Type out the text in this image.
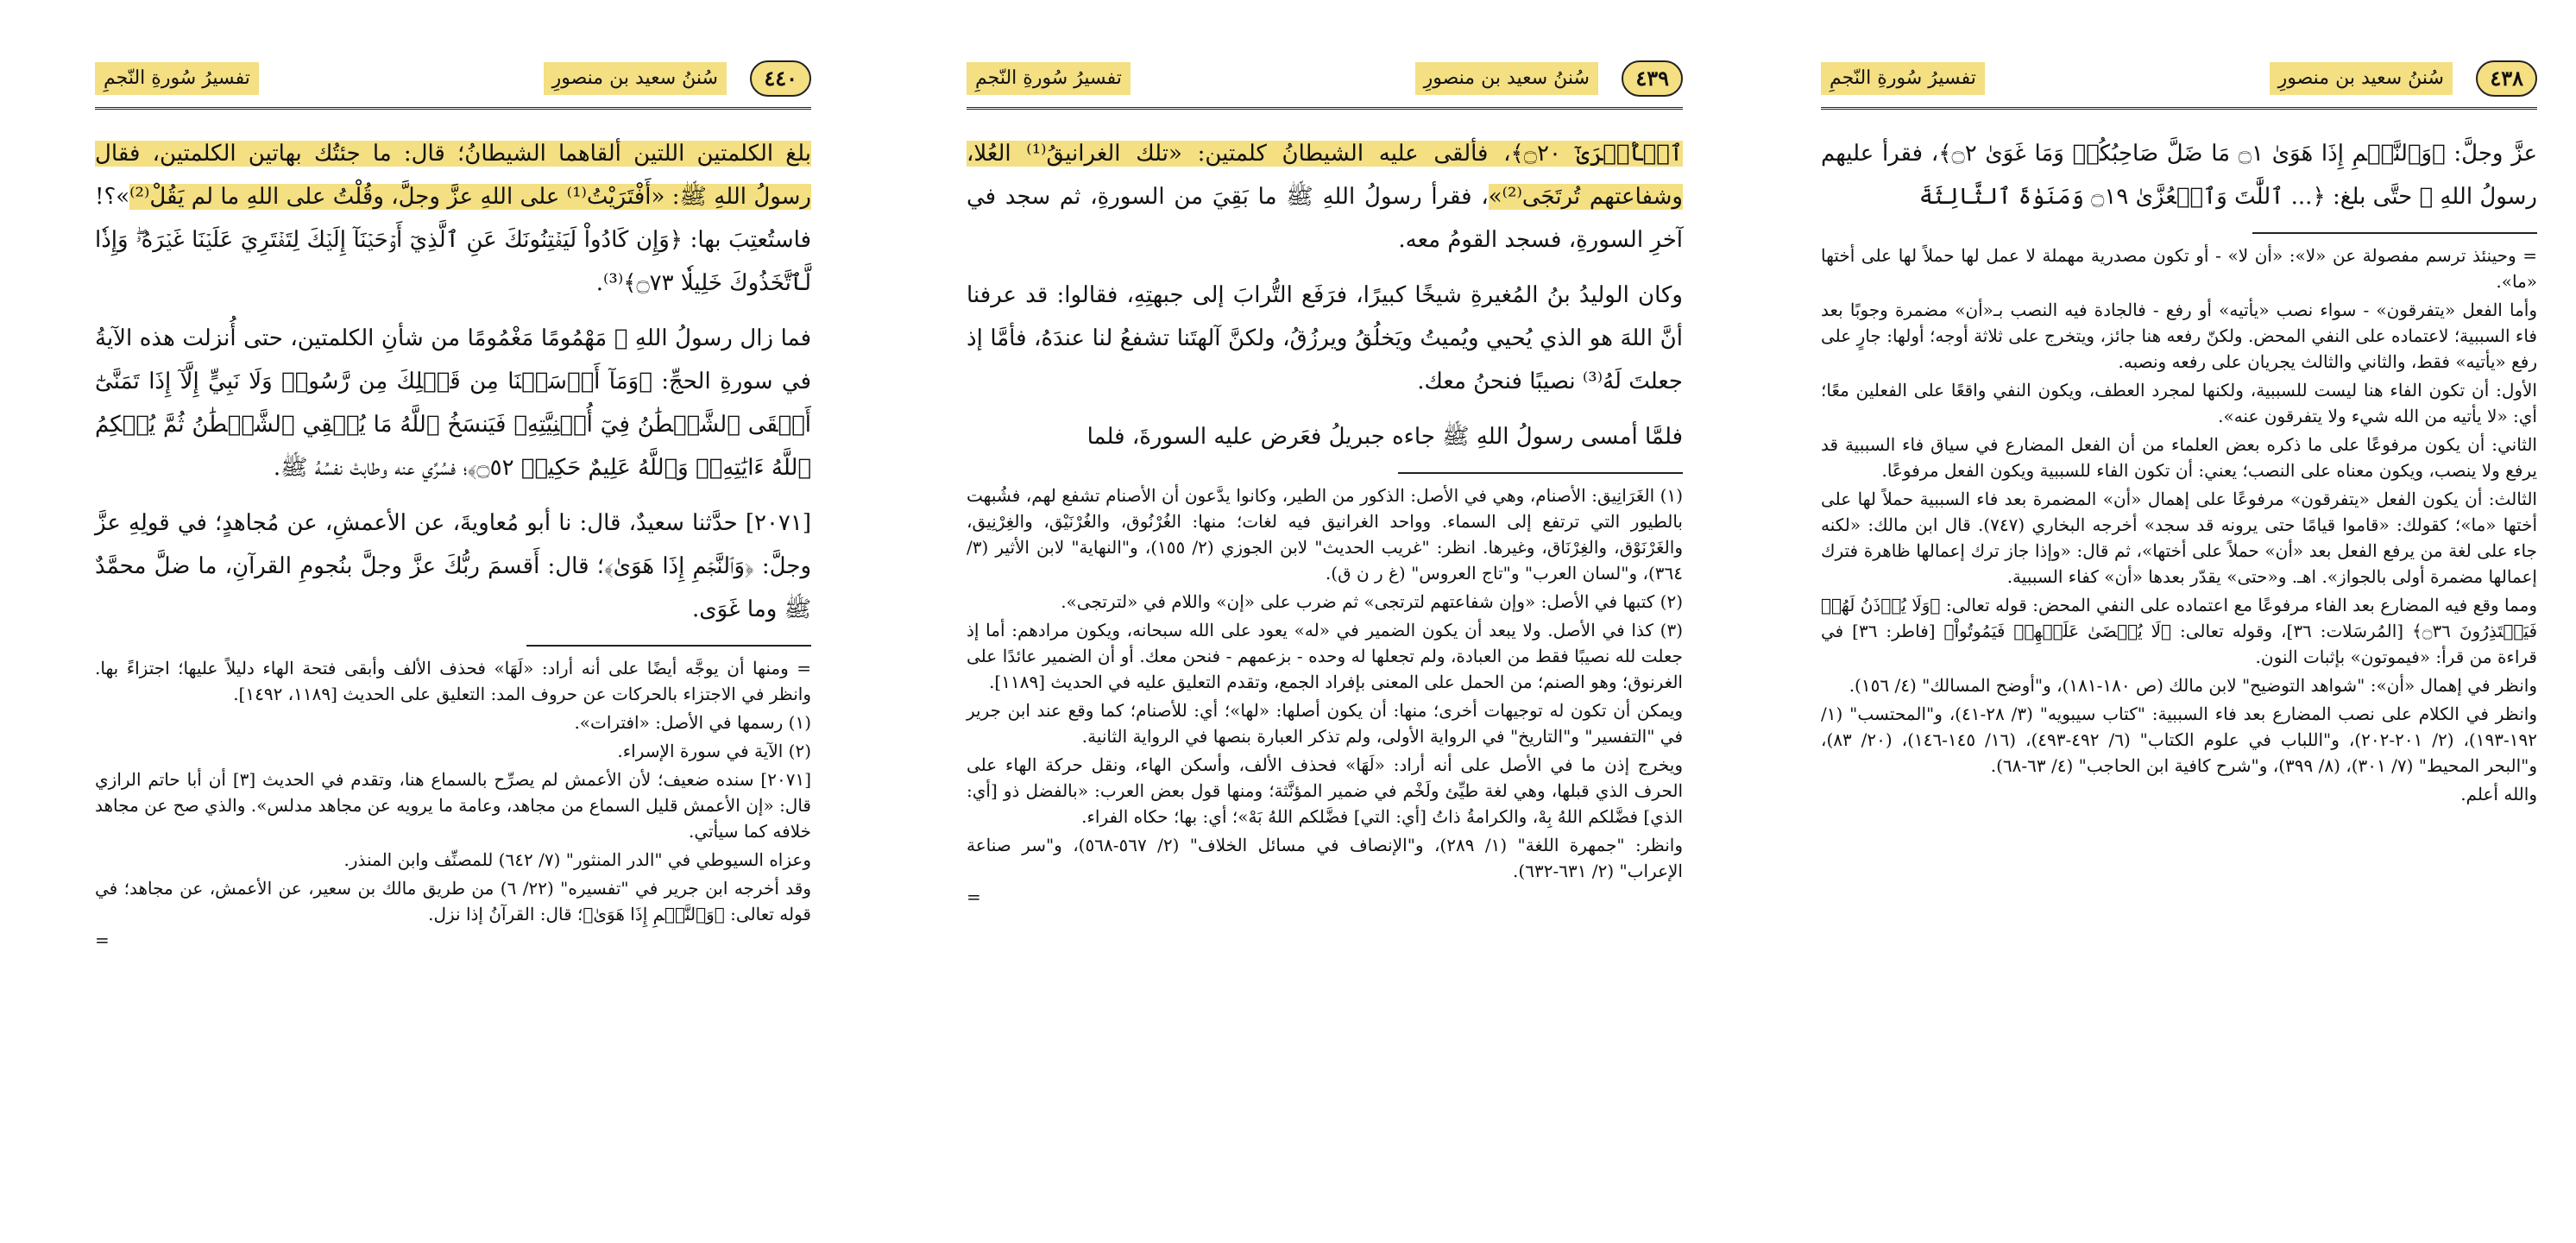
٤٣٨
سُننُ سعيد بن منصورِ
تفسيرُ سُورةِ النّجمِ

عزَّ وجلَّ: ﴿وَٱلنَّجۡمِ إِذَا هَوَىٰ ۝١ مَا ضَلَّ صَاحِبُكُمۡ وَمَا غَوَىٰ ۝٢﴾، فقرأ عليهم رسولُ اللهِ ﷺ حتَّى بلغ: ﴿... ٱللَّٰتَ وَٱلۡعُزَّىٰ ۝١٩ وَمَنَوٰةَ ٱلثَّالِثَةَ

= وحينئذ ترسم مفصولة عن «لا»: «أن لا» - أو تكون مصدرية مهملة لا عمل لها حملاً لها على أختها «ما».

وأما الفعل «يتفرقون» - سواء نصب «يأتيه» أو رفع - فالجادة فيه النصب بـ«أن» مضمرة وجوبًا بعد فاء السببية؛ لاعتماده على النفي المحض. ولكنّ رفعه هنا جائز، ويتخرج على ثلاثة أوجه؛ أولها: جارٍ على رفع «يأتيه» فقط، والثاني والثالث يجريان على رفعه ونصبه.

الأول: أن تكون الفاء هنا ليست للسببية، ولكنها لمجرد العطف، ويكون النفي واقعًا على الفعلين معًا؛ أي: «لا يأتيه من الله شيء ولا يتفرقون عنه».

الثاني: أن يكون مرفوعًا على ما ذكره بعض العلماء من أن الفعل المضارع في سياق فاء السببية قد يرفع ولا ينصب، ويكون معناه على النصب؛ يعني: أن تكون الفاء للسببية ويكون الفعل مرفوعًا.

الثالث: أن يكون الفعل «يتفرقون» مرفوعًا على إهمال «أن» المضمرة بعد فاء السببية حملاً لها على أختها «ما»؛ كقولك: «قاموا قيامًا حتى يرونه قد سجد» أخرجه البخاري (٧٤٧). قال ابن مالك: «لكنه جاء على لغة من يرفع الفعل بعد «أن» حملاً على أختها»، ثم قال: «وإذا جاز ترك إعمالها ظاهرة فترك إعمالها مضمرة أولى بالجواز». اهـ. و«حتى» يقدّر بعدها «أن» كفاء السببية.

ومما وقع فيه المضارع بعد الفاء مرفوعًا مع اعتماده على النفي المحض: قوله تعالى: ﴿وَلَا يُؤۡذَنُ لَهُمۡ فَيَعۡتَذِرُونَ ۝٣٦﴾ [المُرسَلات: ٣٦]، وقوله تعالى: ﴿لَا يُقۡضَىٰ عَلَيۡهِمۡ فَيَمُوتُواْ﴾ [فاطر: ٣٦] في قراءة من قرأ: «فيموتون» بإثبات النون.

وانظر في إهمال «أن»: "شواهد التوضيح" لابن مالك (ص ١٨٠-١٨١)، و"أوضح المسالك" (٤/ ١٥٦).

وانظر في الكلام على نصب المضارع بعد فاء السببية: "كتاب سيبويه" (٣/ ٢٨-٤١)، و"المحتسب" (١/ ١٩٢-١٩٣)، (٢/ ٢٠١-٢٠٢)، و"اللباب في علوم الكتاب" (٦/ ٤٩٢-٤٩٣)، (١٦/ ١٤٥-١٤٦)، (٢٠/ ٨٣)، و"البحر المحيط" (٧/ ٣٠١)، (٨/ ٣٩٩)، و"شرح كافية ابن الحاجب" (٤/ ٦٣-٦٨).

والله أعلم.

٤٣٩
سُننُ سعيد بن منصورِ
تفسيرُ سُورةِ النّجمِ

ٱلۡأُخۡرَىٰٓ ۝٢٠﴾، فألقى عليه الشيطانُ كلمتين: «تلك الغرانيقُ⁽¹⁾ العُلا، وشفاعتهم تُرتَجَى⁽²⁾»، فقرأ رسولُ اللهِ ﷺ ما بَقِيَ من السورةِ، ثم سجد في آخرِ السورةِ، فسجد القومُ معه.

وكان الوليدُ بنُ المُغيرةِ شيخًا كبيرًا، فرَفَع التُّرابَ إلى جبهتِهِ، فقالوا: قد عرفنا أنَّ اللهَ هو الذي يُحيي ويُميتُ ويَخلُقُ ويرزُقُ، ولكنَّ آلهتَنا تشفعُ لنا عندَهُ، فأمَّا إذ جعلتَ لَهُ⁽³⁾ نصيبًا فنحنُ معك.

فلمَّا أمسى رسولُ اللهِ ﷺ جاءه جبريلُ فعَرض عليه السورةَ، فلما

(١) الغَرَانِيق: الأصنام، وهي في الأصل: الذكور من الطير، وكانوا يدَّعون أن الأصنام تشفع لهم، فشُبهت بالطيور التي ترتفع إلى السماء. وواحد الغرانيق فيه لغات؛ منها: الغُرْنُوق، والغُرْنَيْق، والغِرْنِيق، والغَرْنَوْق، والغِرْنَاق، وغيرها. انظر: "غريب الحديث" لابن الجوزي (٢/ ١٥٥)، و"النهاية" لابن الأثير (٣/ ٣٦٤)، و"لسان العرب" و"تاج العروس" (غ ر ن ق).

(٢) كتبها في الأصل: «وإن شفاعتهم لترتجى» ثم ضرب على «إن» واللام في «لترتجى».

(٣) كذا في الأصل. ولا يبعد أن يكون الضمير في «له» يعود على الله سبحانه، ويكون مرادهم: أما إذ جعلت لله نصيبًا فقط من العبادة، ولم تجعلها له وحده - بزعمهم - فنحن معك. أو أن الضمير عائدًا على الغرنوق؛ وهو الصنم؛ من الحمل على المعنى بإفراد الجمع، وتقدم التعليق عليه في الحديث [١١٨٩].

ويمكن أن تكون له توجيهات أخرى؛ منها: أن يكون أصلها: «لها»؛ أي: للأصنام؛ كما وقع عند ابن جرير في "التفسير" و"التاريخ" في الرواية الأولى، ولم تذكر العبارة بنصها في الرواية الثانية.

ويخرج إذن ما في الأصل على أنه أراد: «لَهَا» فحذف الألف، وأسكن الهاء، ونقل حركة الهاء على الحرف الذي قبلها، وهي لغة طيِّئ ولَخْم في ضمير المؤنَّثة؛ ومنها قول بعض العرب: «بالفضل ذو [أي: الذي] فضَّلكم اللهُ بِهْ، والكرامةُ ذاتُ [أي: التي] فضَّلكم اللهُ بَهْ»؛ أي: بها؛ حكاه الفراء.

وانظر: "جمهرة اللغة" (١/ ٢٨٩)، و"الإنصاف في مسائل الخلاف" (٢/ ٥٦٧-٥٦٨)، و"سر صناعة الإعراب" (٢/ ٦٣١-٦٣٢).

=
٤٤٠
سُننُ سعيد بن منصورِ
تفسيرُ سُورةِ النّجمِ

بلغ الكلمتين اللتين ألقاهما الشيطانُ؛ قال: ما جئتُك بهاتين الكلمتين، فقال رسولُ اللهِ ﷺ: «أَفْتَرَيْتُ⁽¹⁾ على اللهِ عزَّ وجلَّ، وقُلْتُ على اللهِ ما لم يَقُلْ⁽²⁾»؟! فاستُعتِبَ بها: ﴿وَإِن كَادُواْ لَيَفۡتِنُونَكَ عَنِ ٱلَّذِيٓ أَوۡحَيۡنَآ إِلَيۡكَ لِتَفۡتَرِيَ عَلَيۡنَا غَيۡرَهُۥۖ وَإِذٗا لَّٱتَّخَذُوكَ خَلِيلٗا ۝٧٣﴾⁽³⁾.

فما زال رسولُ اللهِ ﷺ مَهْمُومًا مَغْمُومًا من شأنِ الكلمتين، حتى أُنزلت هذه الآيةُ في سورةِ الحجِّ: ﴿وَمَآ أَرۡسَلۡنَا مِن قَبۡلِكَ مِن رَّسُولٖ وَلَا نَبِيٍّ إِلَّآ إِذَا تَمَنَّىٰٓ أَلۡقَى ٱلشَّيۡطَٰنُ فِيٓ أُمۡنِيَّتِهِۦ فَيَنسَخُ ٱللَّهُ مَا يُلۡقِي ٱلشَّيۡطَٰنُ ثُمَّ يُحۡكِمُ ٱللَّهُ ءَايَٰتِهِۦۗ وَٱللَّهُ عَلِيمٌ حَكِيمٞ ۝٥٢﴾؛ فسُرِّي عنه وطابتْ نفسُهُ ﷺ.

[٢٠٧١] حدَّثنا سعيدٌ، قال: نا أبو مُعاويةَ، عن الأعمشِ، عن مُجاهدٍ؛ في قولِهِ عزَّ وجلَّ: ﴿وَٱلنَّجۡمِ إِذَا هَوَىٰ﴾؛ قال: أَقسمَ ربُّكَ عزَّ وجلَّ بنُجومِ القرآنِ، ما ضلَّ محمَّدٌ ﷺ وما غَوَى.

= ومنها أن يوجَّه أيضًا على أنه أراد: «لَهَا» فحذف الألف وأبقى فتحة الهاء دليلاً عليها؛ اجتزاءً بها. وانظر في الاجتزاء بالحركات عن حروف المد: التعليق على الحديث [١١٨٩، ١٤٩٢].

(١) رسمها في الأصل: «افترات».

(٢) الآية في سورة الإسراء.

[٢٠٧١] سنده ضعيف؛ لأن الأعمش لم يصرِّح بالسماع هنا، وتقدم في الحديث [٣] أن أبا حاتم الرازي قال: «إن الأعمش قليل السماع من مجاهد، وعامة ما يرويه عن مجاهد مدلس». والذي صح عن مجاهد خلافه كما سيأتي.

وعزاه السيوطي في "الدر المنثور" (٧/ ٦٤٢) للمصنِّف وابن المنذر.

وقد أخرجه ابن جرير في "تفسيره" (٢٢/ ٦) من طريق مالك بن سعير، عن الأعمش، عن مجاهد؛ في قوله تعالى: ﴿وَٱلنَّجۡمِ إِذَا هَوَىٰ﴾؛ قال: القرآنُ إذا نزل.

=
